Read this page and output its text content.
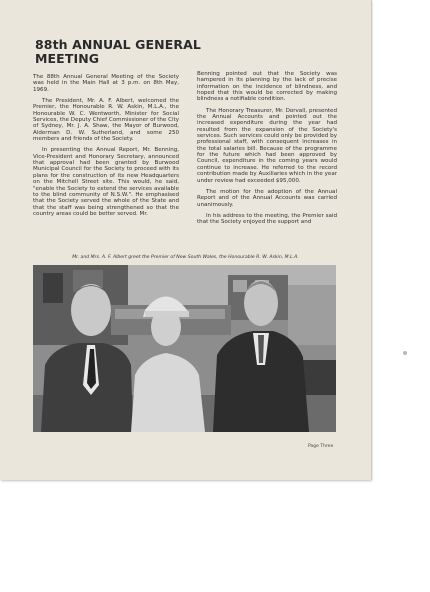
88th ANNUAL GENERAL
MEETING

The 88th Annual General Meeting of the Society was held in the Main Hall at 3 p.m. on 8th May, 1969.

The President, Mr. A. F. Albert, welcomed the Premier, the Honourable R. W. Askin, M.L.A., the Honourable W. C. Wentworth, Minister for Social Services, the Deputy Chief Commissioner of the City of Sydney, Mr. J. A. Shaw, the Mayor of Burwood, Alderman D. W. Sutherland, and some 250 members and friends of the Society.

In presenting the Annual Report, Mr. Benning, Vice-President and Honorary Secretary, announced that approval had been granted by Burwood Municipal Council for the Society to proceed with its plans for the construction of its new Headquarters on the Mitchell Street site. This would, he said, "enable the Society to extend the services available to the blind community of N.S.W.". He emphasised that the Society served the whole of the State and that the staff was being strengthened so that the country areas could be better served. Mr.

Benning pointed out that the Society was hampered in its planning by the lack of precise information on the incidence of blindness, and hoped that this would be corrected by making blindness a notifiable condition.

The Honorary Treasurer, Mr. Dorvall, presented the Annual Accounts and pointed out the increased expenditure during the year had resulted from the expansion of the Society's services. Such services could only be provided by professional staff, with consequent increases in the total salaries bill. Because of the programme for the future which had been approved by Council, expenditure in the coming years would continue to increase. He referred to the record contribution made by Auxiliaries which in the year under review had exceeded $95,000.

The motion for the adoption of the Annual Report and of the Annual Accounts was carried unanimously.

In his address to the meeting, the Premier said that the Society enjoyed the support and

Mr. and Mrs. A. F. Albert greet the Premier of New South Wales, the Honourable R. W. Askin, M.L.A.
Page Three
